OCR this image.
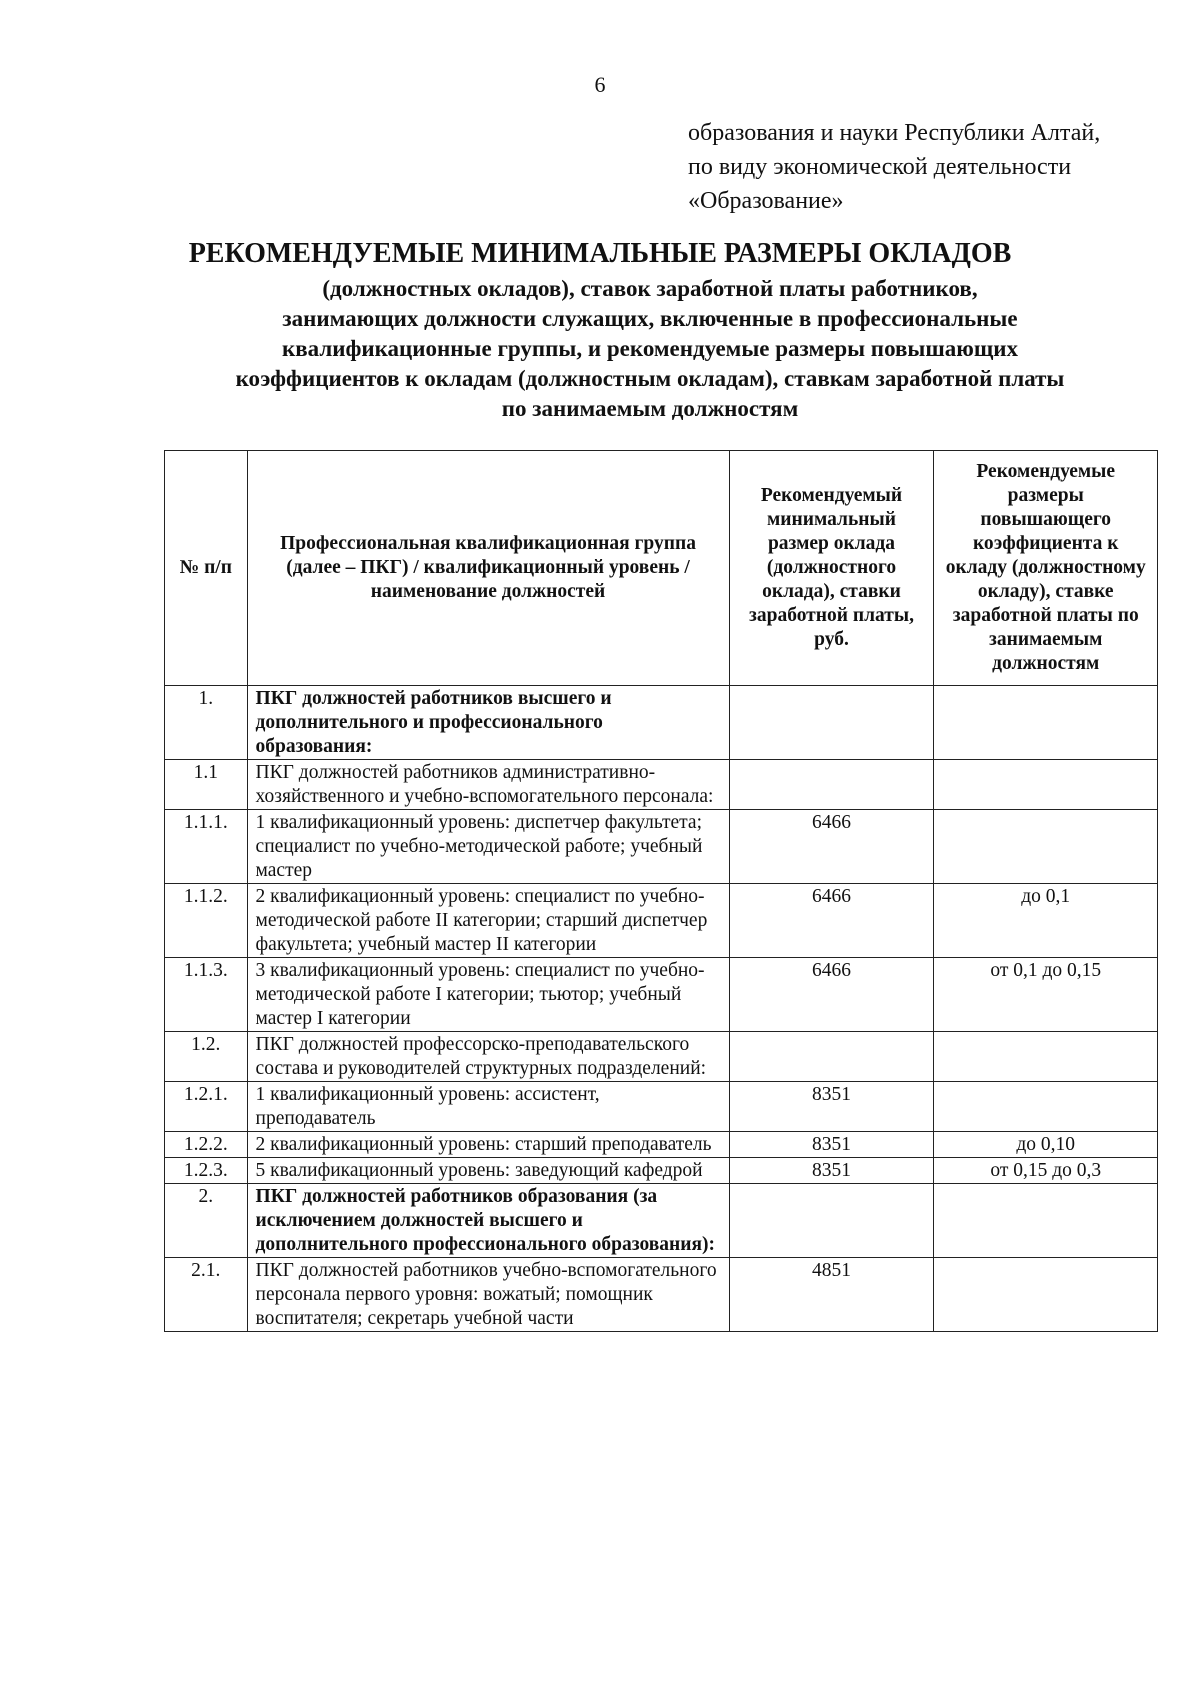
6
образования и науки Республики Алтай,
по виду экономической деятельности
«Образование»
РЕКОМЕНДУЕМЫЕ МИНИМАЛЬНЫЕ РАЗМЕРЫ ОКЛАДОВ
(должностных окладов), ставок заработной платы работников,
занимающих должности служащих, включенные в профессиональные
квалификационные группы, и рекомендуемые размеры повышающих
коэффициентов к окладам (должностным окладам), ставкам заработной платы
по занимаемым должностям
№ п/п	Профессиональная квалификационная группа (далее – ПКГ) / квалификационный уровень / наименование должностей	Рекомендуемый минимальный размер оклада (должностного оклада), ставки заработной платы, руб.	Рекомендуемые размеры повышающего коэффициента к окладу (должностному окладу), ставке заработной платы по занимаемым должностям
1.	ПКГ должностей работников высшего и дополнительного и профессионального образования:		
1.1	ПКГ должностей работников административно-хозяйственного и учебно-вспомогательного персонала:		
1.1.1.	1 квалификационный уровень: диспетчер факультета; специалист по учебно-методической работе; учебный мастер	6466	
1.1.2.	2 квалификационный уровень: специалист по учебно-методической работе II категории; старший диспетчер факультета; учебный мастер II категории	6466	до 0,1
1.1.3.	3 квалификационный уровень: специалист по учебно-методической работе I категории; тьютор; учебный мастер I категории	6466	от 0,1 до 0,15
1.2.	ПКГ должностей профессорско-преподавательского состава и руководителей структурных подразделений:		
1.2.1.	1 квалификационный уровень: ассистент, преподаватель	8351	
1.2.2.	2 квалификационный уровень: старший преподаватель	8351	до 0,10
1.2.3.	5 квалификационный уровень: заведующий кафедрой	8351	от 0,15 до 0,3
2.	ПКГ должностей работников образования (за исключением должностей высшего и дополнительного профессионального образования):		
2.1.	ПКГ должностей работников учебно-вспомогательного персонала первого уровня: вожатый; помощник воспитателя; секретарь учебной части	4851	
